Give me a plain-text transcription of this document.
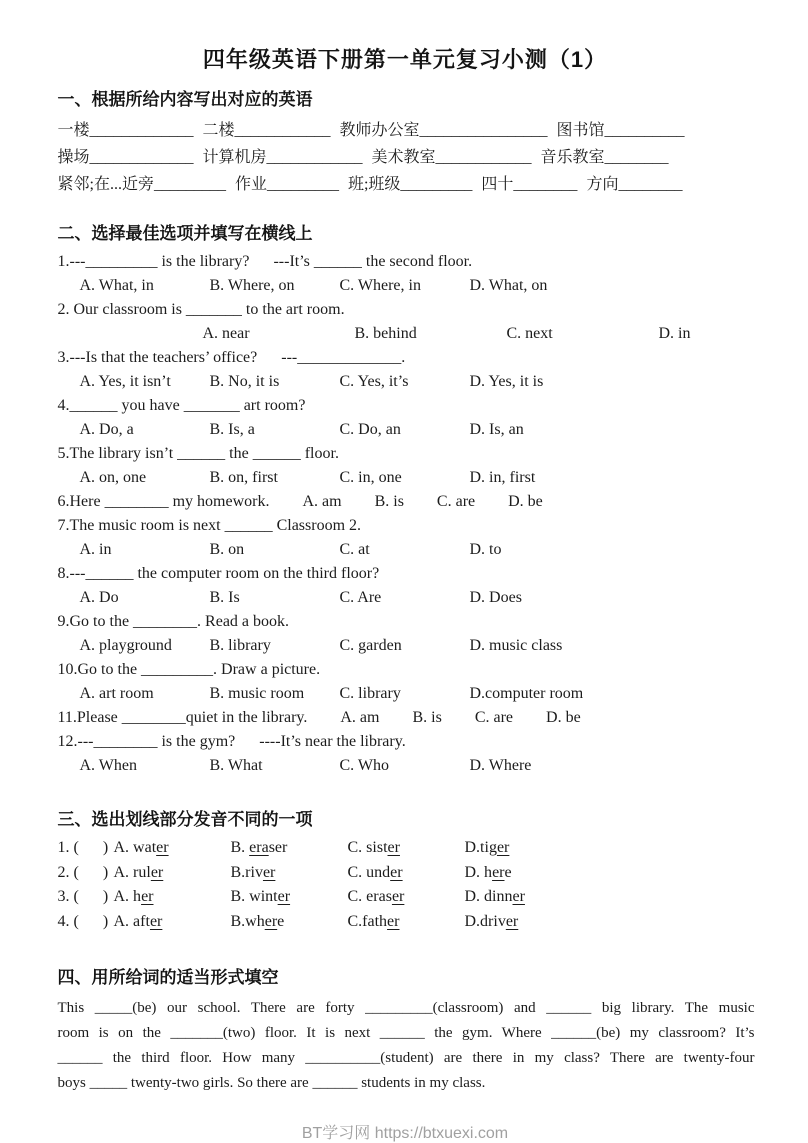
四年级英语下册第一单元复习小测（1）
一、根据所给内容写出对应的英语
一楼_____________ 二楼____________ 教师办公室________________ 图书馆__________
操场_____________ 计算机房____________ 美术教室____________ 音乐教室________
紧邻;在...近旁_________ 作业_________ 班;班级_________ 四十________ 方向________
二、选择最佳选项并填写在横线上
1.---_________ is the library?      ---It’s ______ the second floor.
A. What, in	B. Where, on	C. Where, in	D. What, on
2. Our classroom is _______ to the art room.
A. near	B. behind	C. next	D. in
3.---Is that the teachers’ office?      ---_____________.
A. Yes, it isn’t B. No, it is	C. Yes, it’s	D. Yes, it is
4.______ you have _______ art room?
A. Do, a	B. Is, a	C. Do, an	D. Is, an
5.The library isn’t ______ the ______ floor.
A. on, one	B. on, first	C. in, one	D. in, first
6.Here ________ my homework. A. am B. is C. are D. be
7.The music room is next ______ Classroom 2.
A. in	B. on	C. at	D. to
8.---______ the computer room on the third floor?
A. Do	B. Is	C. Are	D. Does
9.Go to the ________. Read a book.
A. playground B. library	C. garden	D. music class
10.Go to the _________. Draw a picture.
A. art room	B. music room C. library	D.computer room
11.Please ________quiet in the library. A. am B. is C. are D. be
12.---________ is the gym?      ----It’s near the library.
A. When	B. What	C. Who	D. Where
三、选出划线部分发音不同的一项
1. (      ) A. water	B. eraser	C. sister	D.tiger
2. (      ) A. ruler	B.river	C. under	D. here
3. (      ) A. her	B. winter	C. eraser	D. dinner
4. (      ) A. after	B.where	C.father	D.driver
四、用所给词的适当形式填空
This _____(be) our school. There are forty _________(classroom) and ______ big library. The music
room is on the _______(two) floor. It is next ______ the gym. Where ______(be) my classroom? It’s
______ the third floor. How many __________(student) are there in my class? There are twenty-four
boys _____ twenty-two girls. So there are ______ students in my class.
BT学习网 https://btxuexi.com
